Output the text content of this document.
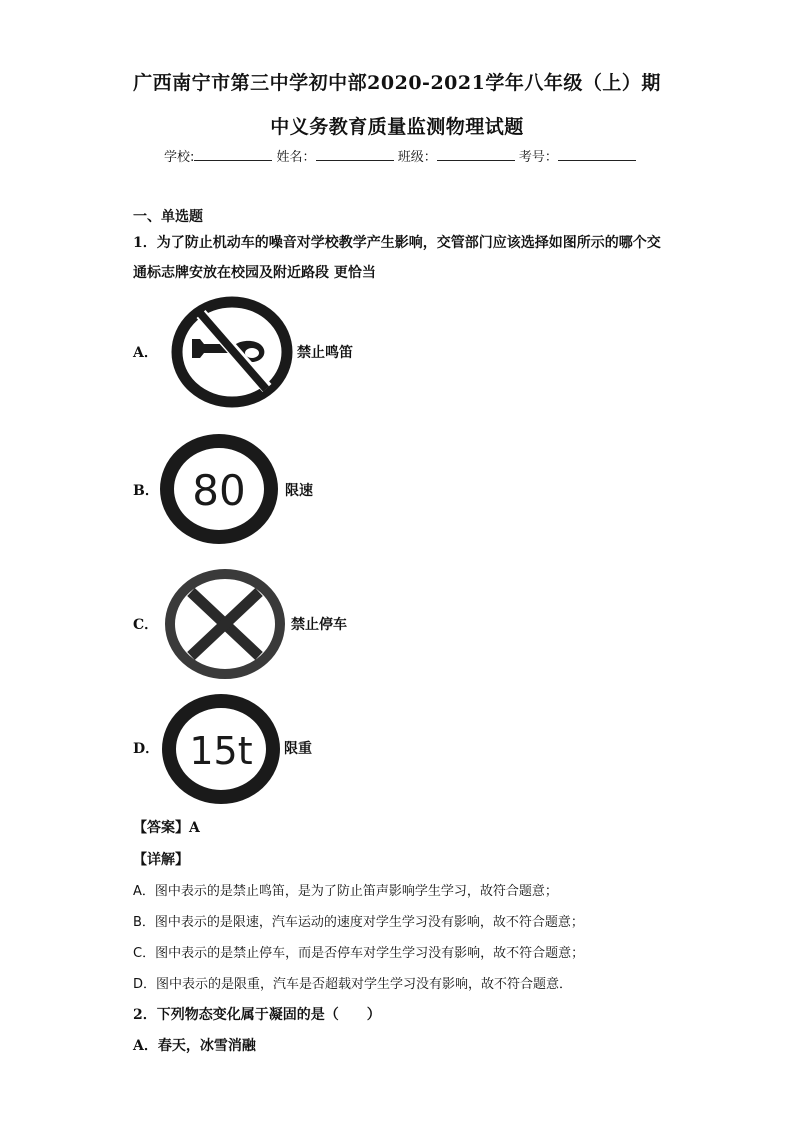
广西南宁市第三中学初中部2020-2021学年八年级（上）期
中义务教育质量监测物理试题
学校:	姓名：	班级：	考号：
一、单选题
1．为了防止机动车的噪音对学校教学产生影响，交管部门应该选择如图所示的哪个交通标志牌安放在校园及附近路段 更恰当
A．	禁止鸣笛
B． 80	限速
C．	禁止停车
D． 15t 限重
【答案】A
【详解】
A．图中表示的是禁止鸣笛，是为了防止笛声影响学生学习，故符合题意；
B．图中表示的是限速，汽车运动的速度对学生学习没有影响，故不符合题意；
C．图中表示的是禁止停车，而是否停车对学生学习没有影响，故不符合题意；
D．图中表示的是限重，汽车是否超载对学生学习没有影响，故不符合题意．
2．下列物态变化属于凝固的是（　　）
A．春天，冰雪消融
